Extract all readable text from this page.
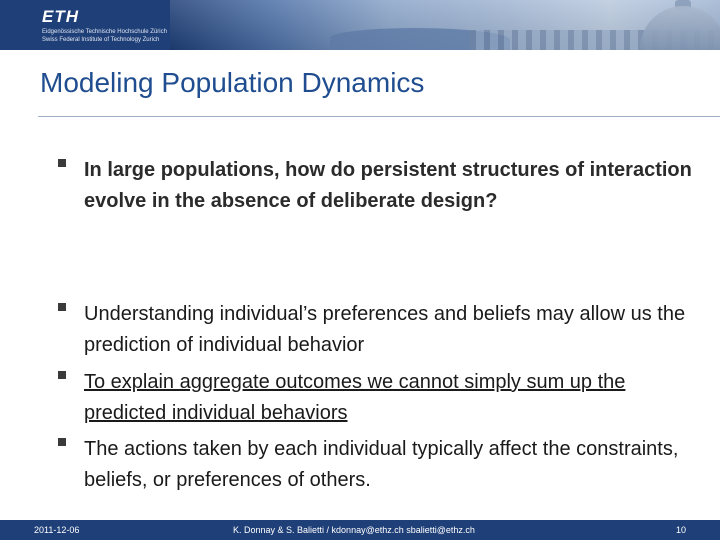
ETH
Eidgenössische Technische Hochschule Zürich
Swiss Federal Institute of Technology Zurich
Modeling Population Dynamics
In large populations, how do persistent structures of interaction evolve in the absence of deliberate design?
Understanding individual’s preferences and beliefs may allow us the prediction of individual behavior
To explain aggregate outcomes we cannot simply sum up the predicted individual behaviors
The actions taken by each individual typically affect the constraints, beliefs, or preferences of others.
2011-12-06	K. Donnay & S. Balietti / kdonnay@ethz.ch sbalietti@ethz.ch	10
